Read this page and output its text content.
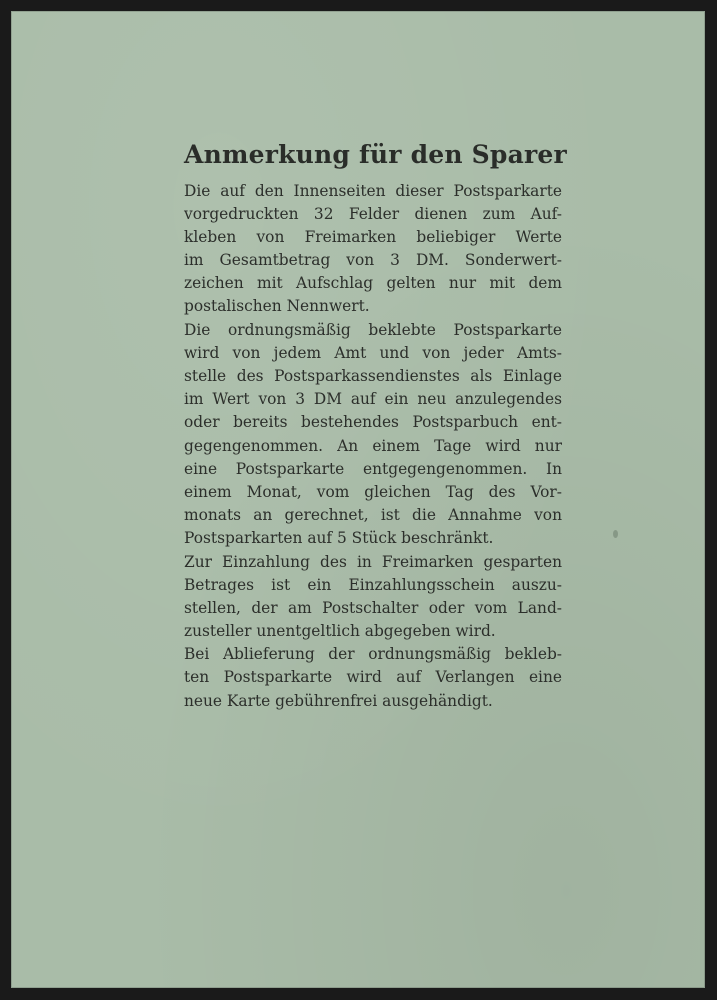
Anmerkung für den Sparer
Die auf den Innenseiten dieser Postsparkarte
vorgedruckten 32 Felder dienen zum Auf-
kleben von Freimarken beliebiger Werte
im Gesamtbetrag von 3 DM. Sonderwert-
zeichen mit Aufschlag gelten nur mit dem
postalischen Nennwert.
Die ordnungsmäßig beklebte Postsparkarte
wird von jedem Amt und von jeder Amts-
stelle des Postsparkassendienstes als Einlage
im Wert von 3 DM auf ein neu anzulegendes
oder bereits bestehendes Postsparbuch ent-
gegengenommen. An einem Tage wird nur
eine Postsparkarte entgegengenommen. In
einem Monat, vom gleichen Tag des Vor-
monats an gerechnet, ist die Annahme von
Postsparkarten auf 5 Stück beschränkt.
Zur Einzahlung des in Freimarken gesparten
Betrages ist ein Einzahlungsschein auszu-
stellen, der am Postschalter oder vom Land-
zusteller unentgeltlich abgegeben wird.
Bei Ablieferung der ordnungsmäßig bekleb-
ten Postsparkarte wird auf Verlangen eine
neue Karte gebührenfrei ausgehändigt.
